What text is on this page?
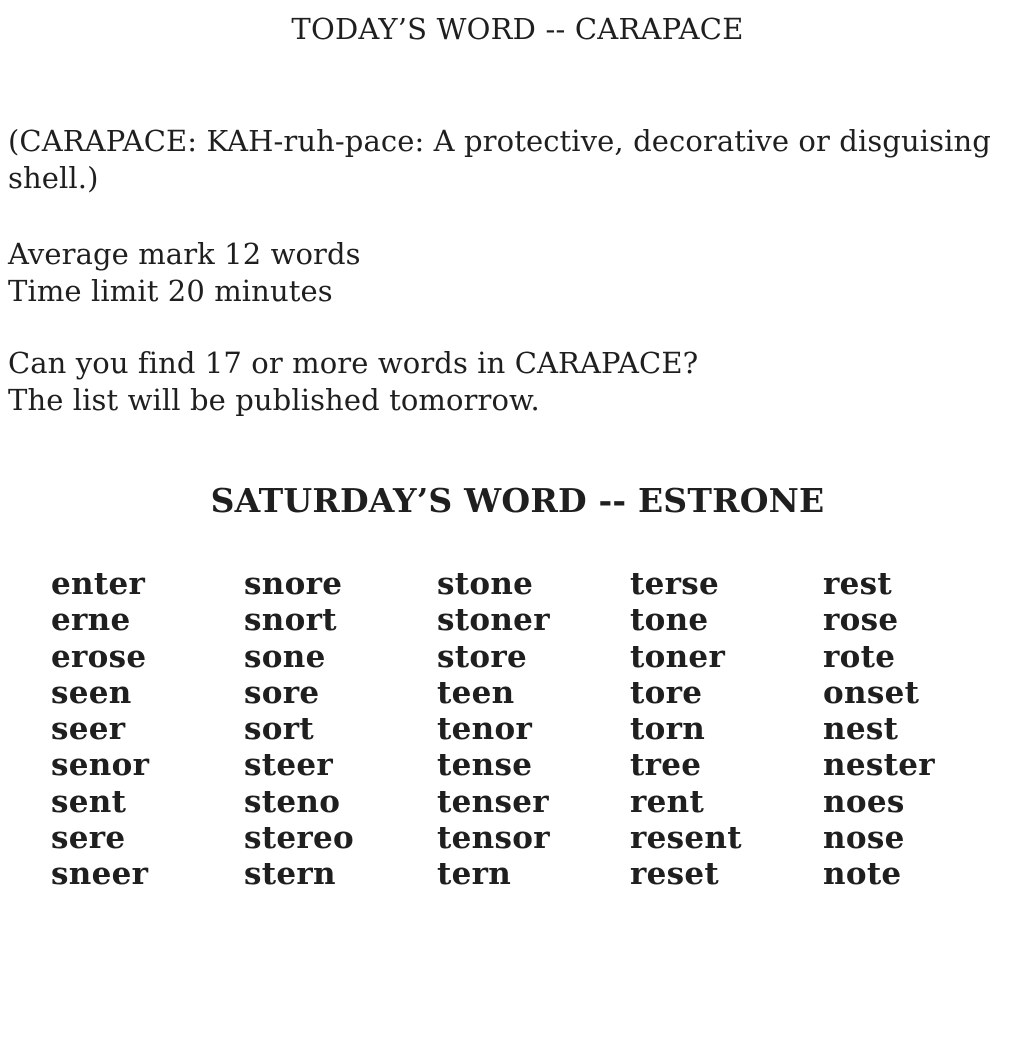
TODAY’S WORD -- CARAPACE

(CARAPACE: KAH-ruh-pace: A protective, decorative or disguising
shell.)

Average mark 12 words
Time limit 20 minutes

Can you find 17 or more words in CARAPACE?
The list will be published tomorrow.

SATURDAY’S WORD -- ESTRONE
enter
erne
erose
seen
seer
senor
sent
sere
sneer
snore
snort
sone
sore
sort
steer
steno
stereo
stern
stone
stoner
store
teen
tenor
tense
tenser
tensor
tern
terse
tone
toner
tore
torn
tree
rent
resent
reset
rest
rose
rote
onset
nest
nester
noes
nose
note
